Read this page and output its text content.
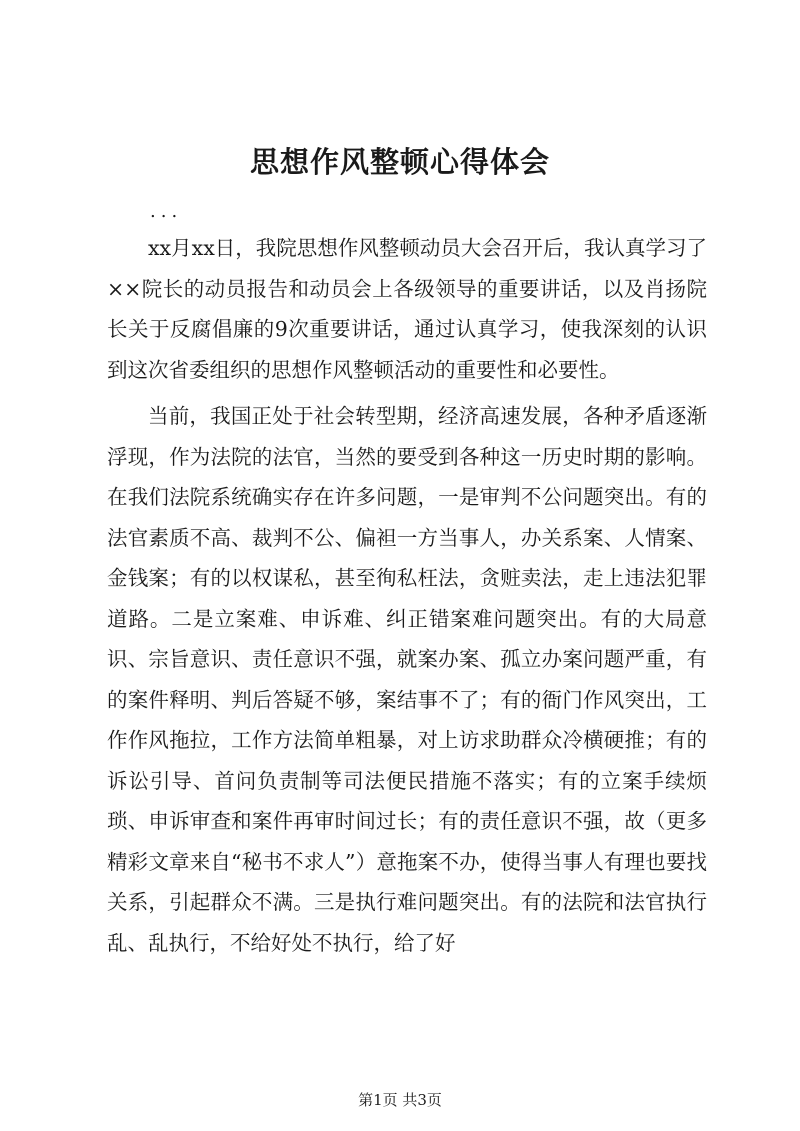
思想作风整顿心得体会
...

xx月xx日，我院思想作风整顿动员大会召开后，我认真学习了××院长的动员报告和动员会上各级领导的重要讲话，以及肖扬院长关于反腐倡廉的9次重要讲话，通过认真学习，使我深刻的认识到这次省委组织的思想作风整顿活动的重要性和必要性。

当前，我国正处于社会转型期，经济高速发展，各种矛盾逐渐浮现，作为法院的法官，当然的要受到各种这一历史时期的影响。在我们法院系统确实存在许多问题，一是审判不公问题突出。有的法官素质不高、裁判不公、偏袒一方当事人，办关系案、人情案、金钱案；有的以权谋私，甚至徇私枉法，贪赃卖法，走上违法犯罪道路。二是立案难、申诉难、纠正错案难问题突出。有的大局意识、宗旨意识、责任意识不强，就案办案、孤立办案问题严重，有的案件释明、判后答疑不够，案结事不了；有的衙门作风突出，工作作风拖拉，工作方法简单粗暴，对上访求助群众冷横硬推；有的诉讼引导、首问负责制等司法便民措施不落实；有的立案手续烦琐、申诉审查和案件再审时间过长；有的责任意识不强，故（更多精彩文章来自“秘书不求人”）意拖案不办，使得当事人有理也要找关系，引起群众不满。三是执行难问题突出。有的法院和法官执行乱、乱执行，不给好处不执行，给了好

第1页 共3页
